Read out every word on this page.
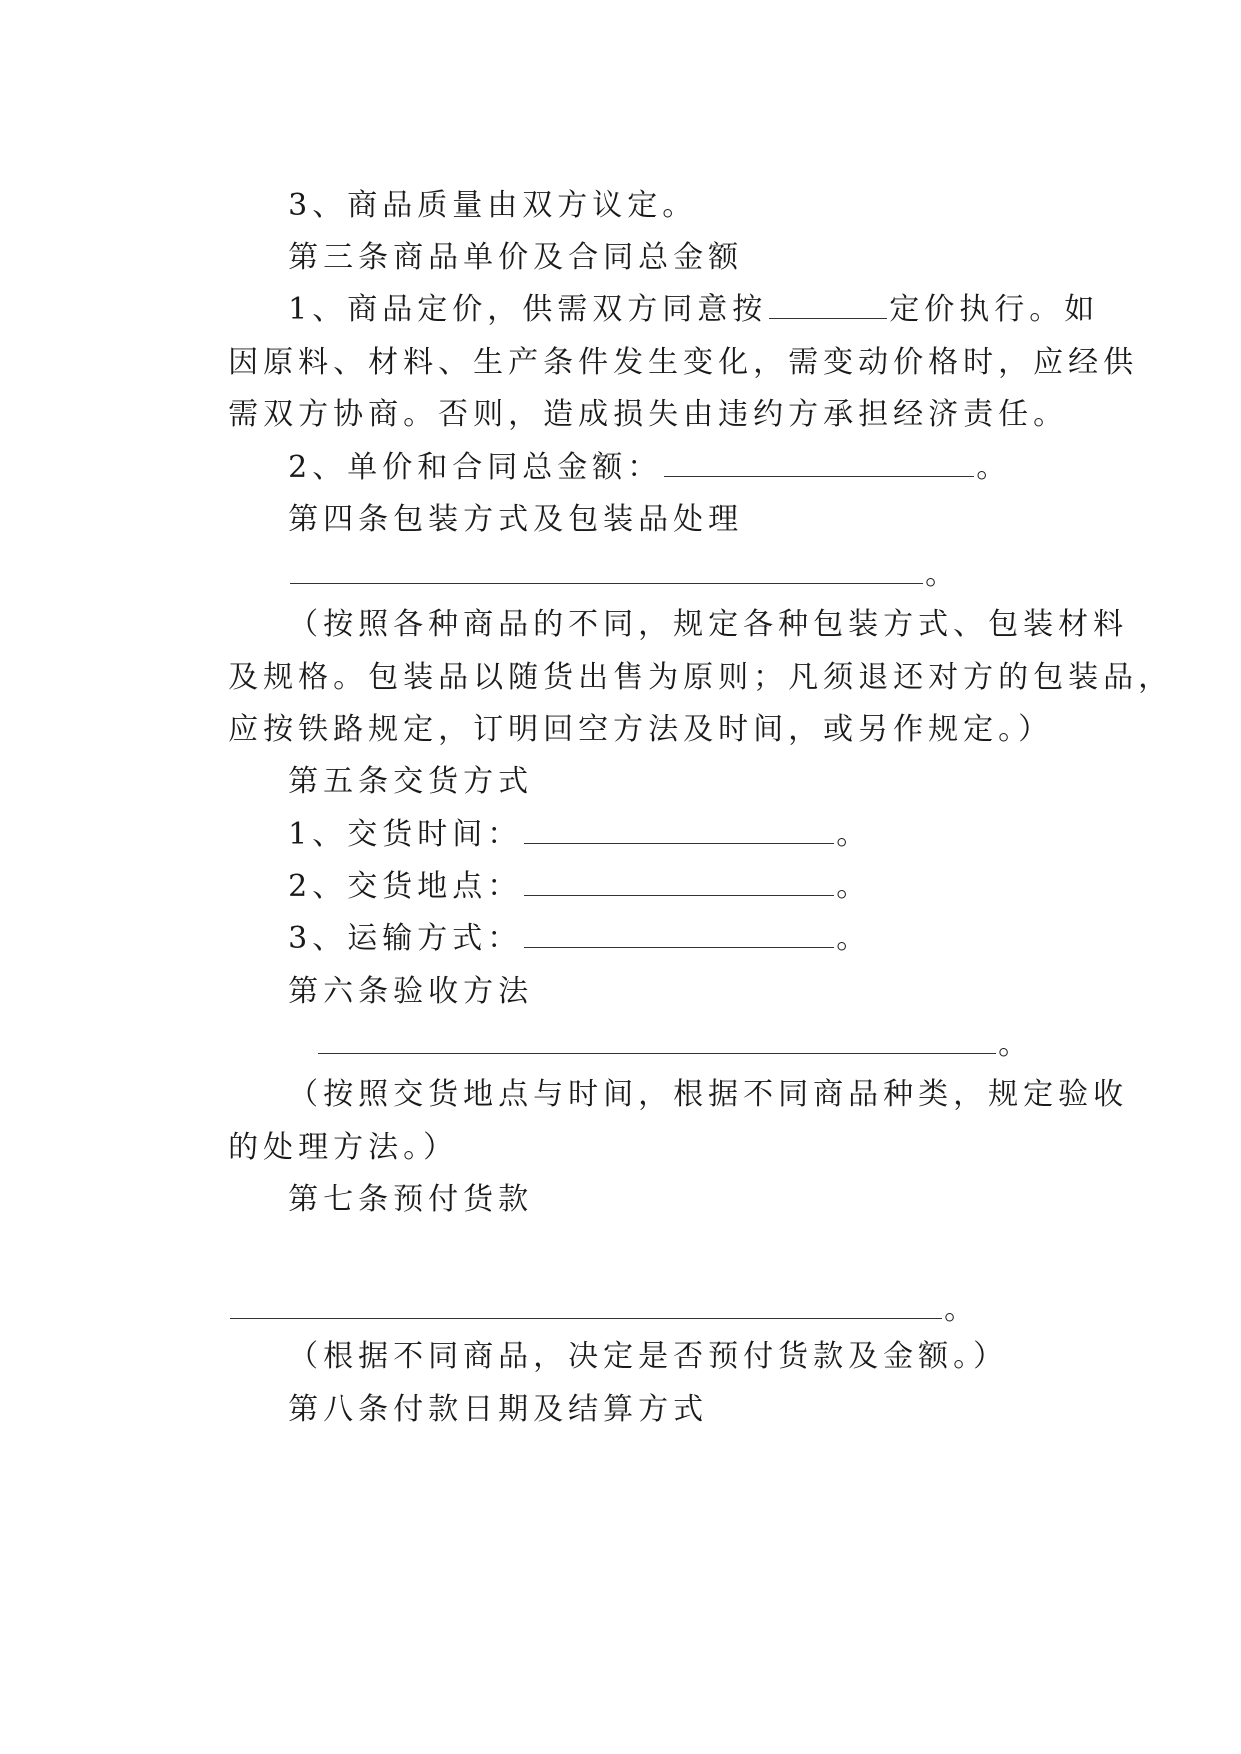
3、商品质量由双方议定。

第三条商品单价及合同总金额

1、商品定价，供需双方同意按	定价执行。如

因原料、材料、生产条件发生变化，需变动价格时，应经供

需双方协商。否则，造成损失由违约方承担经济责任。

2、单价和合同总金额：	。

第四条包装方式及包装品处理

。

（按照各种商品的不同，规定各种包装方式、包装材料

及规格。包装品以随货出售为原则；凡须退还对方的包装品，

应按铁路规定，订明回空方法及时间，或另作规定。）

第五条交货方式

1、交货时间：	。

2、交货地点：	。

3、运输方式：	。

第六条验收方法

。

（按照交货地点与时间，根据不同商品种类，规定验收

的处理方法。）

第七条预付货款

。

（根据不同商品，决定是否预付货款及金额。）

第八条付款日期及结算方式
